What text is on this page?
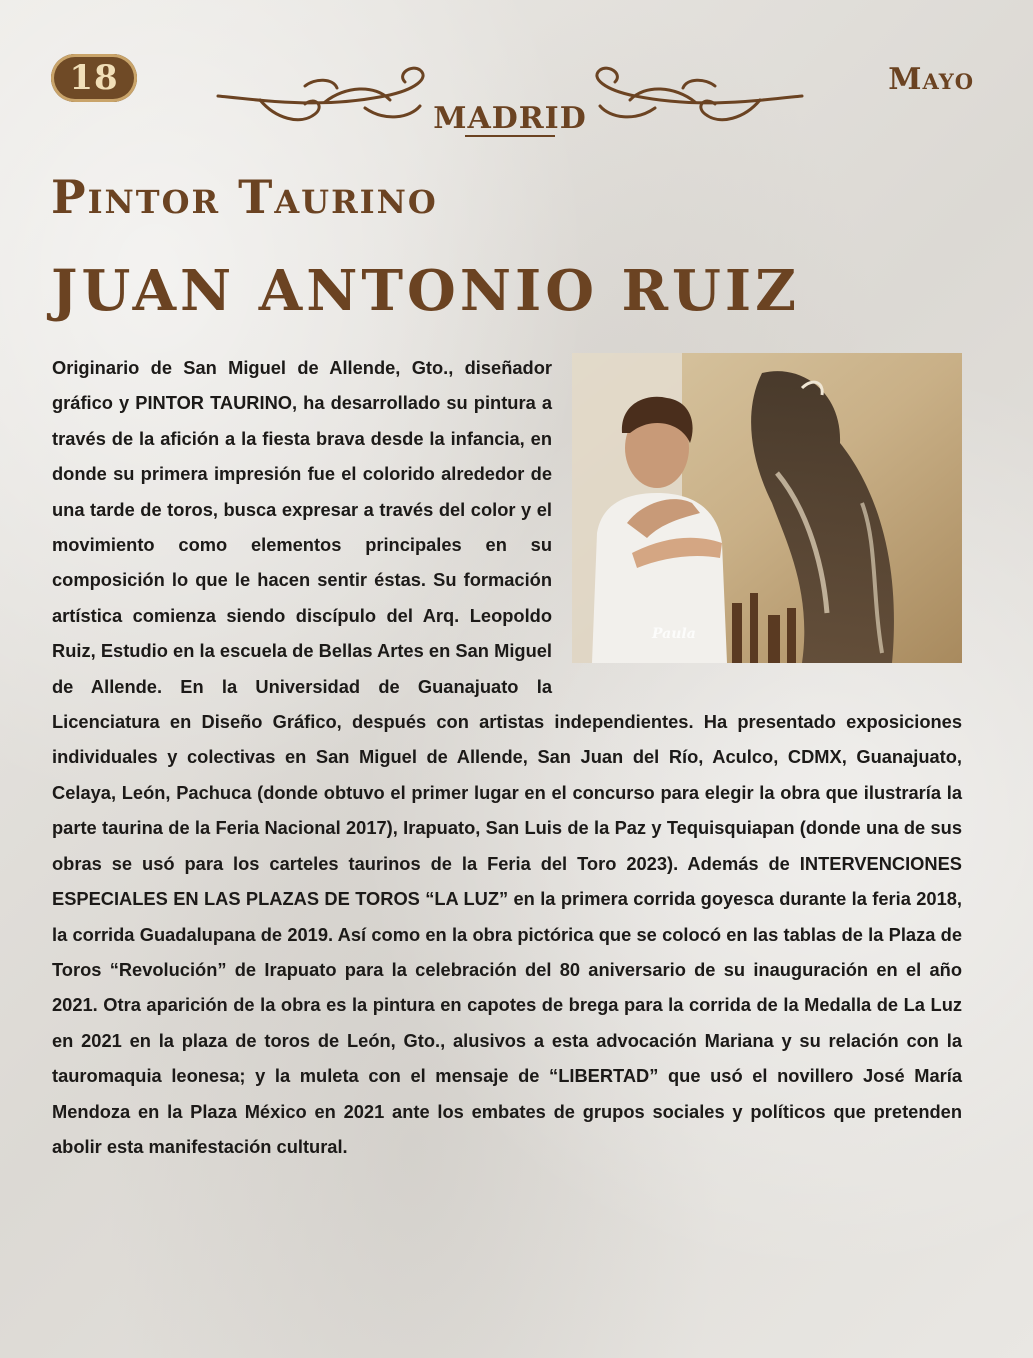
18
MADRID
Mayo
Pintor Taurino
JUAN ANTONIO RUIZ
Paula

Originario de San Miguel de Allende, Gto., diseñador gráfico y PINTOR TAURINO, ha desarrollado su pintura a través de la afición a la fiesta brava desde la infancia, en donde su primera impresión fue el colorido alrededor de una tarde de toros, busca expresar a través del color y el movimiento como elementos principales en su composición lo que le hacen sentir éstas. Su formación artística comienza siendo discípulo del Arq. Leopoldo Ruiz, Estudio en la escuela de Bellas Artes en San Miguel de Allende. En la Universidad de Guanajuato la Licenciatura en Diseño Gráfico, después con artistas independientes. Ha presentado exposiciones individuales y colectivas en San Miguel de Allende, San Juan del Río, Aculco, CDMX, Guanajuato, Celaya, León, Pachuca (donde obtuvo el primer lugar en el concurso para elegir la obra que ilustraría la parte taurina de la Feria Nacional 2017), Irapuato, San Luis de la Paz y Tequisquiapan (donde una de sus obras se usó para los carteles taurinos de la Feria del Toro 2023). Además de INTERVENCIONES ESPECIALES EN LAS PLAZAS DE TOROS “LA LUZ” en la primera corrida goyesca durante la feria 2018, la corrida Guadalupana de 2019. Así como en la obra pictórica que se colocó en las tablas de la Plaza de Toros “Revolución” de Irapuato para la celebración del 80 aniversario de su inauguración en el año 2021. Otra aparición de la obra es la pintura en capotes de brega para la corrida de la Medalla de La Luz en 2021 en la plaza de toros de León, Gto., alusivos a esta advocación Mariana y su relación con la tauromaquia leonesa; y la muleta con el mensaje de “LIBERTAD” que usó el novillero José María Mendoza en la Plaza México en 2021 ante los embates de grupos sociales y políticos que pretenden abolir esta manifestación cultural.
